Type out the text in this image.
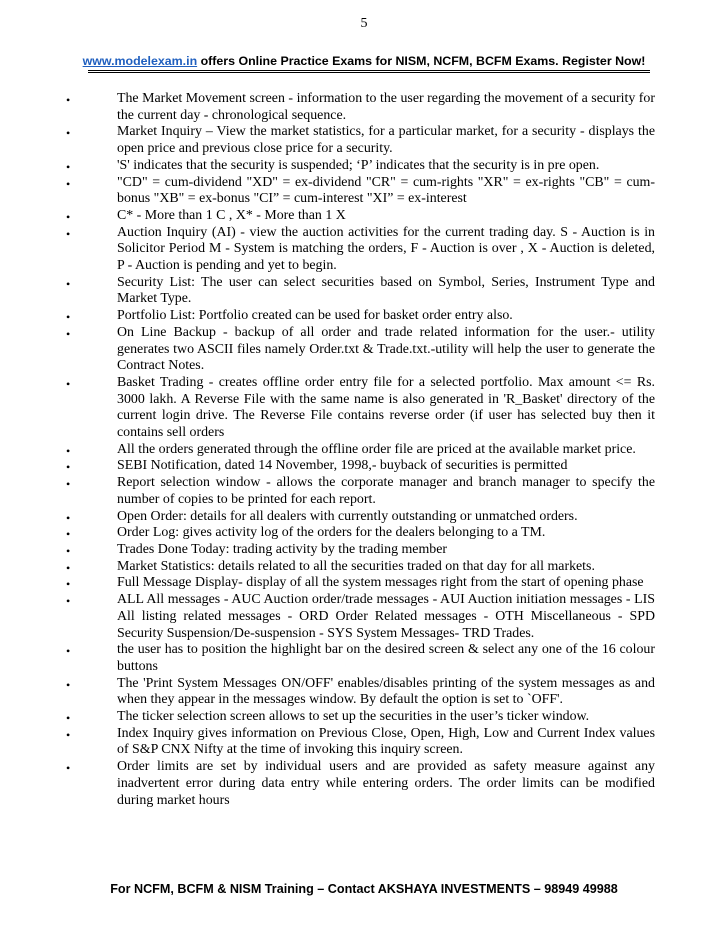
5
www.modelexam.in offers Online Practice Exams for NISM, NCFM, BCFM Exams. Register Now!
•	The Market Movement screen - information to the user regarding the movement of a security for the current day - chronological sequence.
•	Market Inquiry – View the market statistics, for a particular market, for a security - displays the open price and previous close price for a security.
•	'S' indicates that the security is suspended; ‘P’ indicates that the security is in pre open.
•	"CD" = cum-dividend "XD" = ex-dividend "CR" = cum-rights "XR" = ex-rights "CB" = cum-bonus "XB" = ex-bonus "CI” = cum-interest "XI” = ex-interest
•	C* - More than 1 C , X* - More than 1 X
•	Auction Inquiry (AI) - view the auction activities for the current trading day. S - Auction is in Solicitor Period M - System is matching the orders, F - Auction is over , X - Auction is deleted, P - Auction is pending and yet to begin.
•	Security List: The user can select securities based on Symbol, Series, Instrument Type and Market Type.
•	Portfolio List: Portfolio created can be used for basket order entry also.
•	On Line Backup - backup of all order and trade related information for the user.- utility generates two ASCII files namely Order.txt & Trade.txt.-utility will help the user to generate the Contract Notes.
•	Basket Trading - creates offline order entry file for a selected portfolio. Max amount <= Rs. 3000 lakh. A Reverse File with the same name is also generated in 'R_Basket' directory of the current login drive. The Reverse File contains reverse order (if user has selected buy then it contains sell orders
•	All the orders generated through the offline order file are priced at the available market price.
•	SEBI Notification, dated 14 November, 1998,- buyback of securities is permitted
•	Report selection window - allows the corporate manager and branch manager to specify the number of copies to be printed for each report.
•	Open Order: details for all dealers with currently outstanding or unmatched orders.
•	Order Log: gives activity log of the orders for the dealers belonging to a TM.
•	Trades Done Today: trading activity by the trading member
•	Market Statistics: details related to all the securities traded on that day for all markets.
•	Full Message Display- display of all the system messages right from the start of opening phase
•	ALL All messages - AUC Auction order/trade messages - AUI Auction initiation messages - LIS All listing related messages - ORD Order Related messages - OTH Miscellaneous - SPD Security Suspension/De-suspension - SYS System Messages- TRD Trades.
•	the user has to position the highlight bar on the desired screen & select any one of the 16 colour buttons
•	The 'Print System Messages ON/OFF' enables/disables printing of the system messages as and when they appear in the messages window. By default the option is set to `OFF'.
•	The ticker selection screen allows to set up the securities in the user’s ticker window.
•	Index Inquiry gives information on Previous Close, Open, High, Low and Current Index values of S&P CNX Nifty at the time of invoking this inquiry screen.
•	Order limits are set by individual users and are provided as safety measure against any inadvertent error during data entry while entering orders. The order limits can be modified during market hours
For NCFM, BCFM & NISM Training – Contact AKSHAYA INVESTMENTS – 98949 49988
